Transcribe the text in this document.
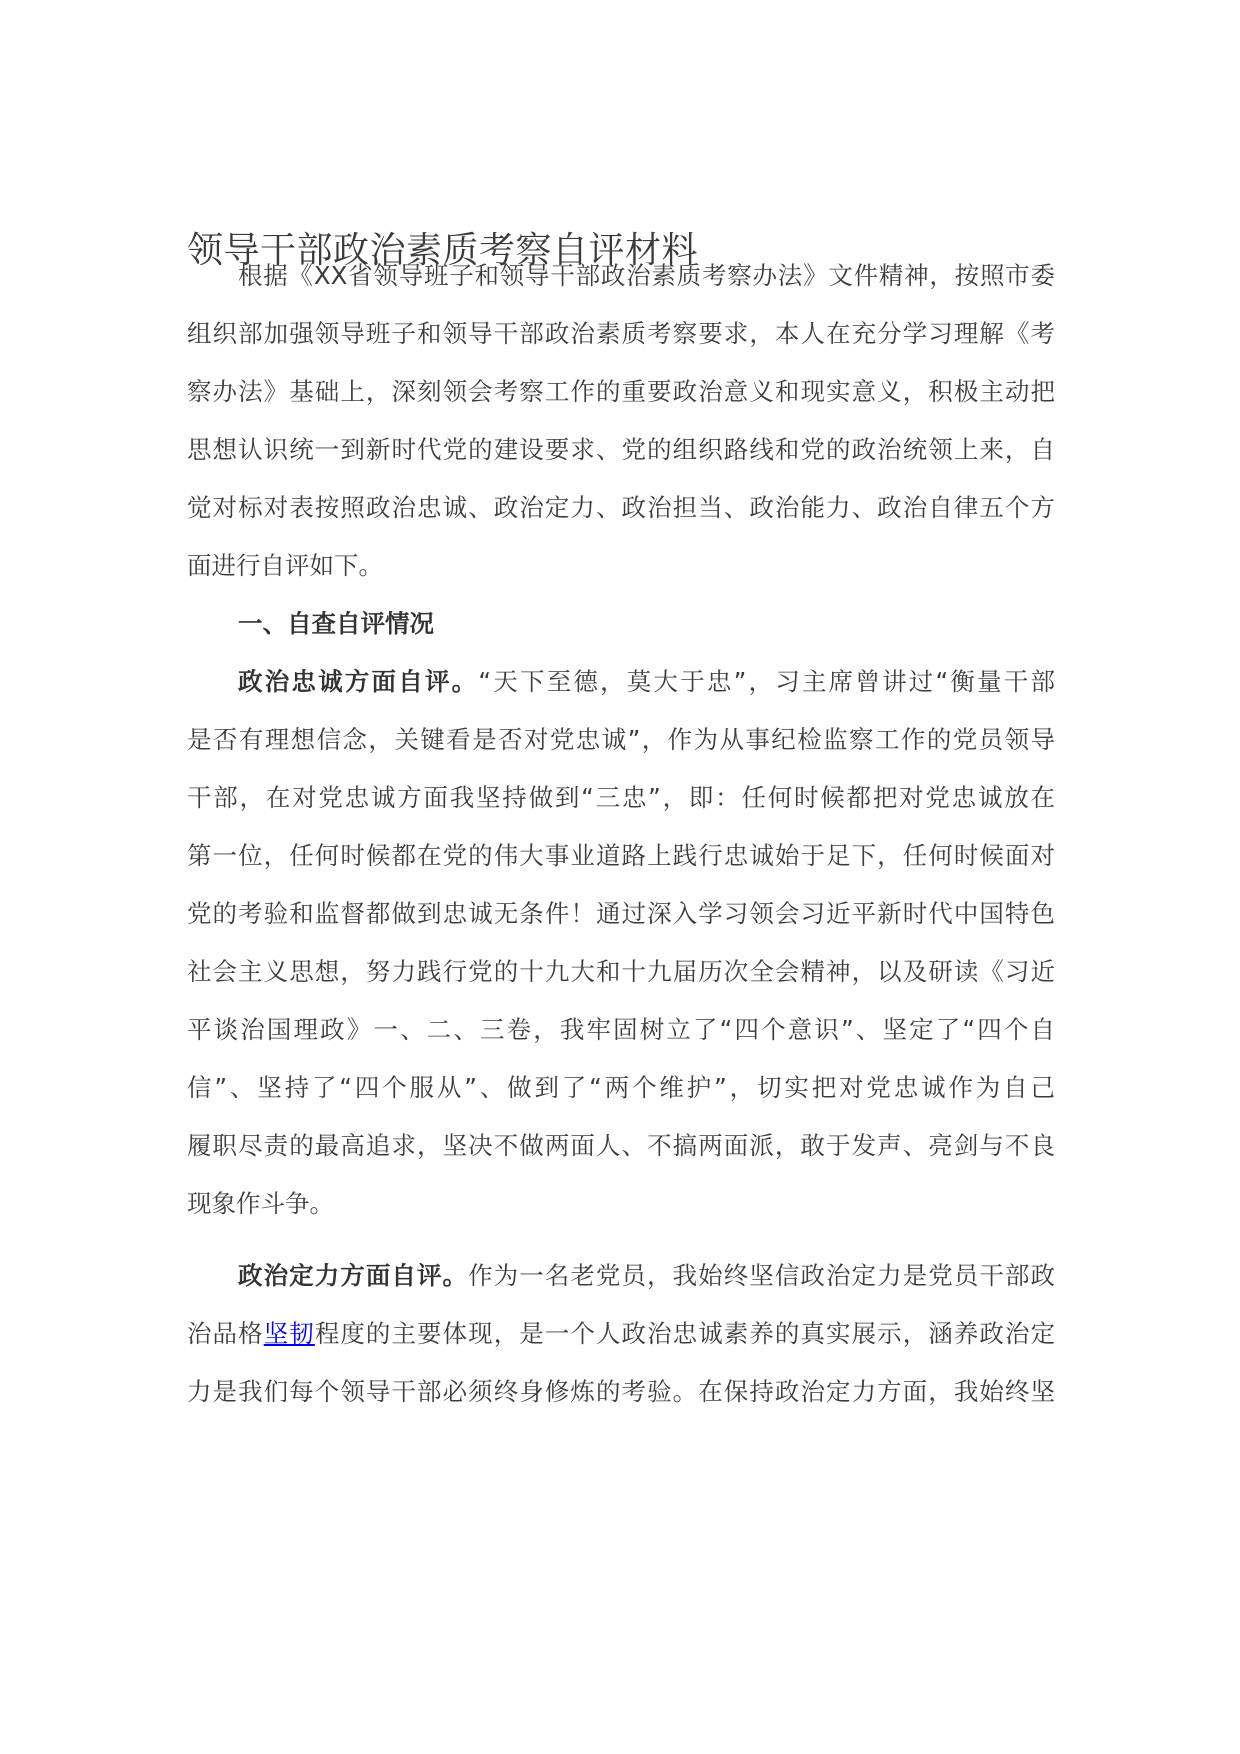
领导干部政治素质考察自评材料
根据《XX省领导班子和领导干部政治素质考察办法》文件精神，按照市委
组织部加强领导班子和领导干部政治素质考察要求，本人在充分学习理解《考
察办法》基础上，深刻领会考察工作的重要政治意义和现实意义，积极主动把
思想认识统一到新时代党的建设要求、党的组织路线和党的政治统领上来，自
觉对标对表按照政治忠诚、政治定力、政治担当、政治能力、政治自律五个方
面进行自评如下。
一、自查自评情况
政治忠诚方面自评。“天下至德，莫大于忠”，习主席曾讲过“衡量干部
是否有理想信念，关键看是否对党忠诚”，作为从事纪检监察工作的党员领导
干部，在对党忠诚方面我坚持做到“三忠”，即：任何时候都把对党忠诚放在
第一位，任何时候都在党的伟大事业道路上践行忠诚始于足下，任何时候面对
党的考验和监督都做到忠诚无条件！通过深入学习领会习近平新时代中国特色
社会主义思想，努力践行党的十九大和十九届历次全会精神，以及研读《习近
平谈治国理政》一、二、三卷，我牢固树立了“四个意识”、坚定了“四个自
信”、坚持了“四个服从”、做到了“两个维护”，切实把对党忠诚作为自己
履职尽责的最高追求，坚决不做两面人、不搞两面派，敢于发声、亮剑与不良
现象作斗争。
政治定力方面自评。作为一名老党员，我始终坚信政治定力是党员干部政
治品格坚韧程度的主要体现，是一个人政治忠诚素养的真实展示，涵养政治定
力是我们每个领导干部必须终身修炼的考验。在保持政治定力方面，我始终坚
